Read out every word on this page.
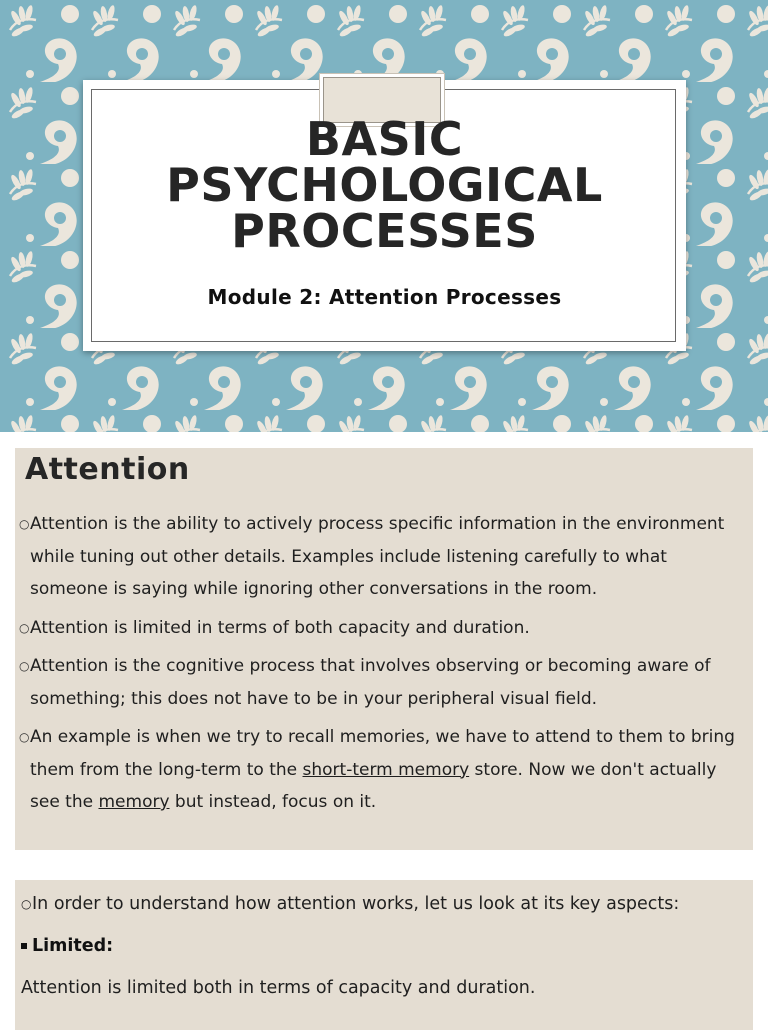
BASIC
PSYCHOLOGICAL
PROCESSES
Module 2: Attention Processes
Attention
○ Attention is the ability to actively process specific information in the environment while tuning out other details. Examples include listening carefully to what someone is saying while ignoring other conversations in the room.
○ Attention is limited in terms of both capacity and duration.
○ Attention is the cognitive process that involves observing or becoming aware of something; this does not have to be in your peripheral visual field.
○ An example is when we try to recall memories, we have to attend to them to bring them from the long-term to the short-term memory store. Now we don't actually see the memory but instead, focus on it.
○ In order to understand how attention works, let us look at its key aspects:
Limited:
Attention is limited both in terms of capacity and duration.
